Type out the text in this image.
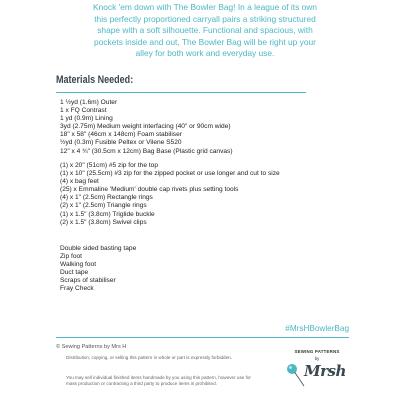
Knock 'em down with The Bowler Bag! In a league of its own

this perfectly proportioned carryall pairs a striking structured

shape with a soft silhouette. Functional and spacious, with

pockets inside and out, The Bowler Bag will be right up your

alley for both work and everyday use.

Materials Needed:
1 ½yd (1.6m) Outer
1 x FQ Contrast
1 yd (0.9m) Lining
3yd (2.75m) Medium weight interfacing (40" or 90cm wide)
18" x 58" (46cm x 148cm) Foam stabiliser
½yd (0.3m) Fusible Peltex or Vilene S520
12" x 4 ¾" (30.5cm x 12cm) Bag Base (Plastic grid canvas)
(1) x 20" (51cm) #5 zip for the top
(1) x 10" (25.5cm) #3 zip for the zipped pocket or use longer and cut to size
(4) x bag feet
(25) x Emmaline 'Medium' double cap rivets plus setting tools
(4) x 1" (2.5cm) Rectangle rings
(2) x 1" (2.5cm) Triangle rings
(1) x 1.5" (3.8cm) Triglide buckle
(2) x 1.5" (3.8cm) Swivel clips
Double sided basting tape
Zip foot
Walking foot
Duct tape
Scraps of stabiliser
Fray Check
#MrsHBowlerBag
© Sewing Patterns by Mrs H

Distribution, copying, or selling this pattern in whole or part is expressly forbidden.

You may sell individual finished items handmade by you using this pattern, however use for mass production or contracting a third party to produce items is prohibited.

SEWING PATTERNS
by
Mrsh
